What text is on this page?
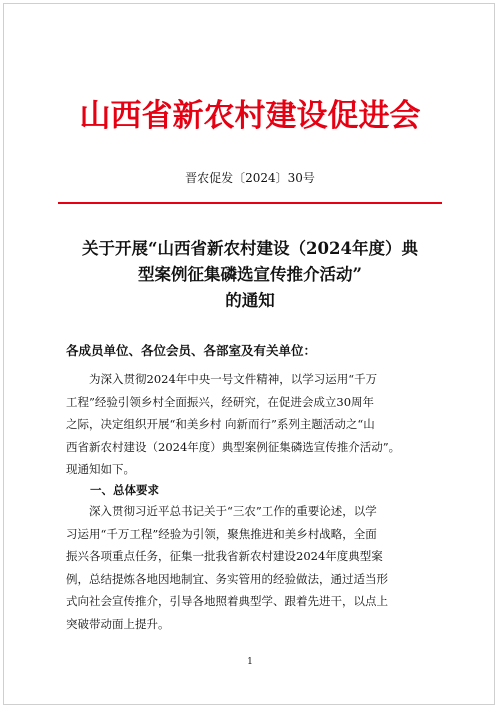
山西省新农村建设促进会
晋农促发〔2024〕30号
关于开展“山西省新农村建设（2024年度）典
型案例征集磷选宣传推介活动”
的通知
各成员单位、各位会员、各部室及有关单位：
为深入贯彻2024年中央一号文件精神，以学习运用“千万
工程”经验引领乡村全面振兴，经研究，在促进会成立30周年
之际，决定组织开展“和美乡村 向新而行”系列主题活动之“山
西省新农村建设（2024年度）典型案例征集磷选宣传推介活动”。
现通知如下。
一、总体要求
深入贯彻习近平总书记关于“三农”工作的重要论述，以学
习运用“千万工程”经验为引领，聚焦推进和美乡村战略，全面
振兴各项重点任务，征集一批我省新农村建设2024年度典型案
例，总结提炼各地因地制宜、务实管用的经验做法，通过适当形
式向社会宣传推介，引导各地照着典型学、跟着先进干，以点上
突破带动面上提升。
1
